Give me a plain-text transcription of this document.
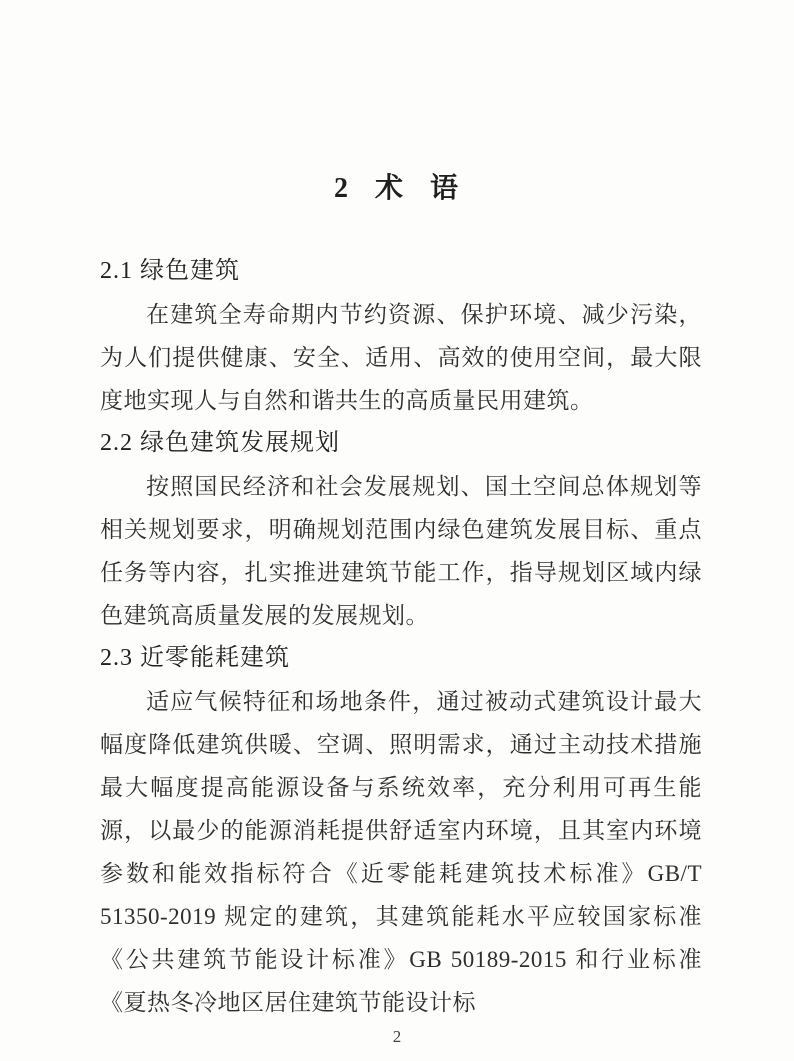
2 术 语
2.1 绿色建筑

在建筑全寿命期内节约资源、保护环境、减少污染，为人们提供健康、安全、适用、高效的使用空间，最大限度地实现人与自然和谐共生的高质量民用建筑。

2.2 绿色建筑发展规划

按照国民经济和社会发展规划、国土空间总体规划等相关规划要求，明确规划范围内绿色建筑发展目标、重点任务等内容，扎实推进建筑节能工作，指导规划区域内绿色建筑高质量发展的发展规划。

2.3 近零能耗建筑

适应气候特征和场地条件，通过被动式建筑设计最大幅度降低建筑供暖、空调、照明需求，通过主动技术措施最大幅度提高能源设备与系统效率，充分利用可再生能源，以最少的能源消耗提供舒适室内环境，且其室内环境参数和能效指标符合《近零能耗建筑技术标准》GB/T 51350-2019 规定的建筑，其建筑能耗水平应较国家标准《公共建筑节能设计标准》GB 50189-2015 和行业标准《夏热冬冷地区居住建筑节能设计标

2
